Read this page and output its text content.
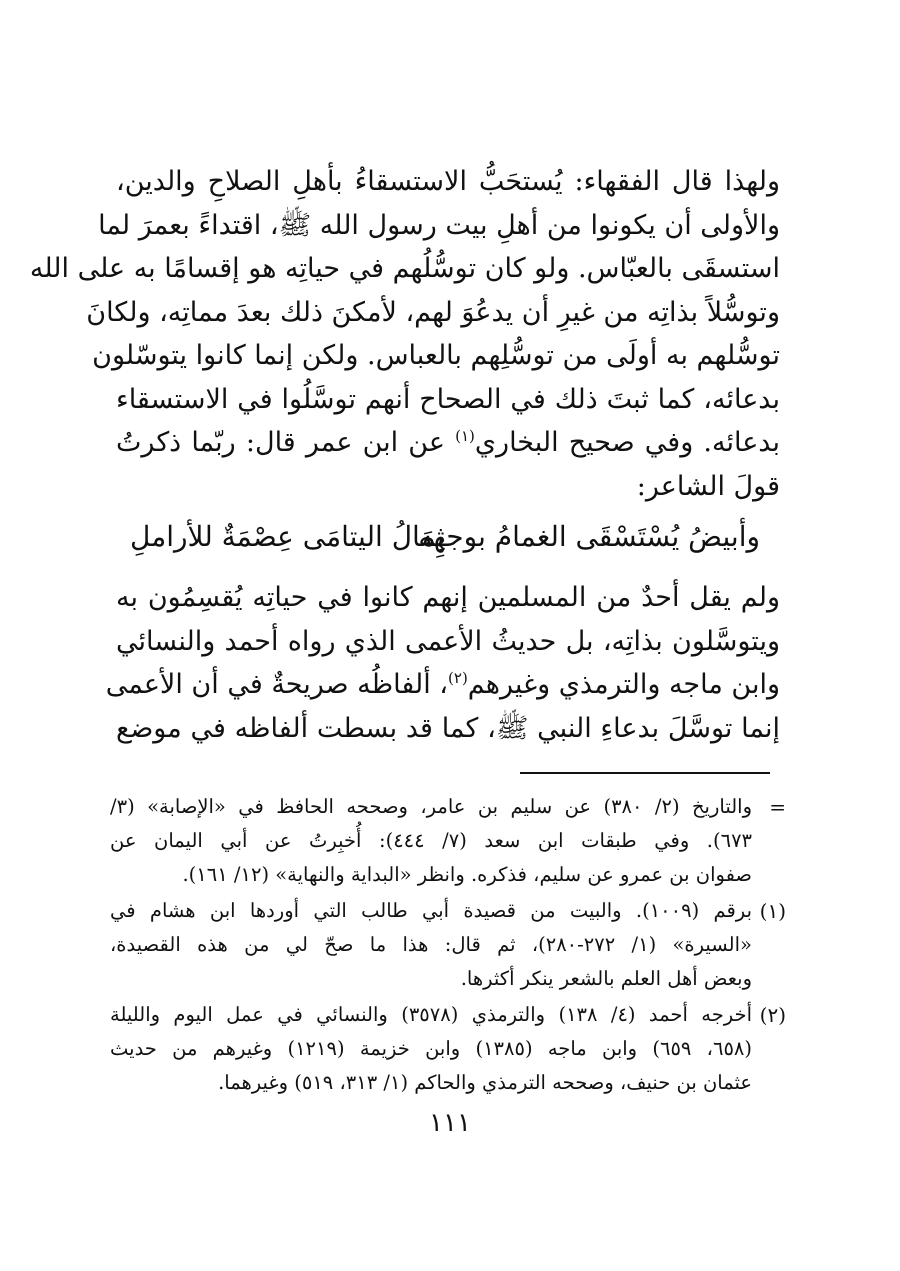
ولهذا قال الفقهاء: يُستحَبُّ الاستسقاءُ بأهلِ الصلاحِ والدين،
والأولى أن يكونوا من أهلِ بيت رسول الله ﷺ، اقتداءً بعمرَ لما
استسقَى بالعبّاس. ولو كان توسُّلُهم في حياتِه هو إقسامًا به على الله
وتوسُّلاً بذاتِه من غيرِ أن يدعُوَ لهم، لأمكنَ ذلك بعدَ مماتِه، ولكانَ
توسُّلهم به أولَى من توسُّلِهم بالعباس. ولكن إنما كانوا يتوسّلون
بدعائه، كما ثبتَ ذلك في الصحاح أنهم توسَّلُوا في الاستسقاء
بدعائه. وفي صحيح البخاري$^{(١)}$ عن ابن عمر قال: ربّما ذكرتُ
قولَ الشاعر:
وأبيضُ يُسْتَسْقَى الغمامُ بوجهِه
ثِمَالُ اليتامَى عِصْمَةٌ للأراملِ
ولم يقل أحدٌ من المسلمين إنهم كانوا في حياتِه يُقسِمُون به
ويتوسَّلون بذاتِه، بل حديثُ الأعمى الذي رواه أحمد والنسائي
وابن ماجه والترمذي وغيرهم$^{(٢)}$، ألفاظُه صريحةٌ في أن الأعمى
إنما توسَّلَ بدعاءِ النبي ﷺ، كما قد بسطت ألفاظه في موضع
=
والتاريخ (٢/ ٣٨٠) عن سليم بن عامر، وصححه الحافظ في «الإصابة» (٣/
٦٧٣). وفي طبقات ابن سعد (٧/ ٤٤٤): أُخبِرتُ عن أبي اليمان عن
صفوان بن عمرو عن سليم، فذكره. وانظر «البداية والنهاية» (١٢/ ١٦١).
(١)
برقم (١٠٠٩). والبيت من قصيدة أبي طالب التي أوردها ابن هشام في
«السيرة» (١/ ٢٧٢-٢٨٠)، ثم قال: هذا ما صحّ لي من هذه القصيدة،
وبعض أهل العلم بالشعر ينكر أكثرها.
(٢)
أخرجه أحمد (٤/ ١٣٨) والترمذي (٣٥٧٨) والنسائي في عمل اليوم والليلة
(٦٥٨، ٦٥٩) وابن ماجه (١٣٨٥) وابن خزيمة (١٢١٩) وغيرهم من حديث
عثمان بن حنيف، وصححه الترمذي والحاكم (١/ ٣١٣، ٥١٩) وغيرهما.
١١١
